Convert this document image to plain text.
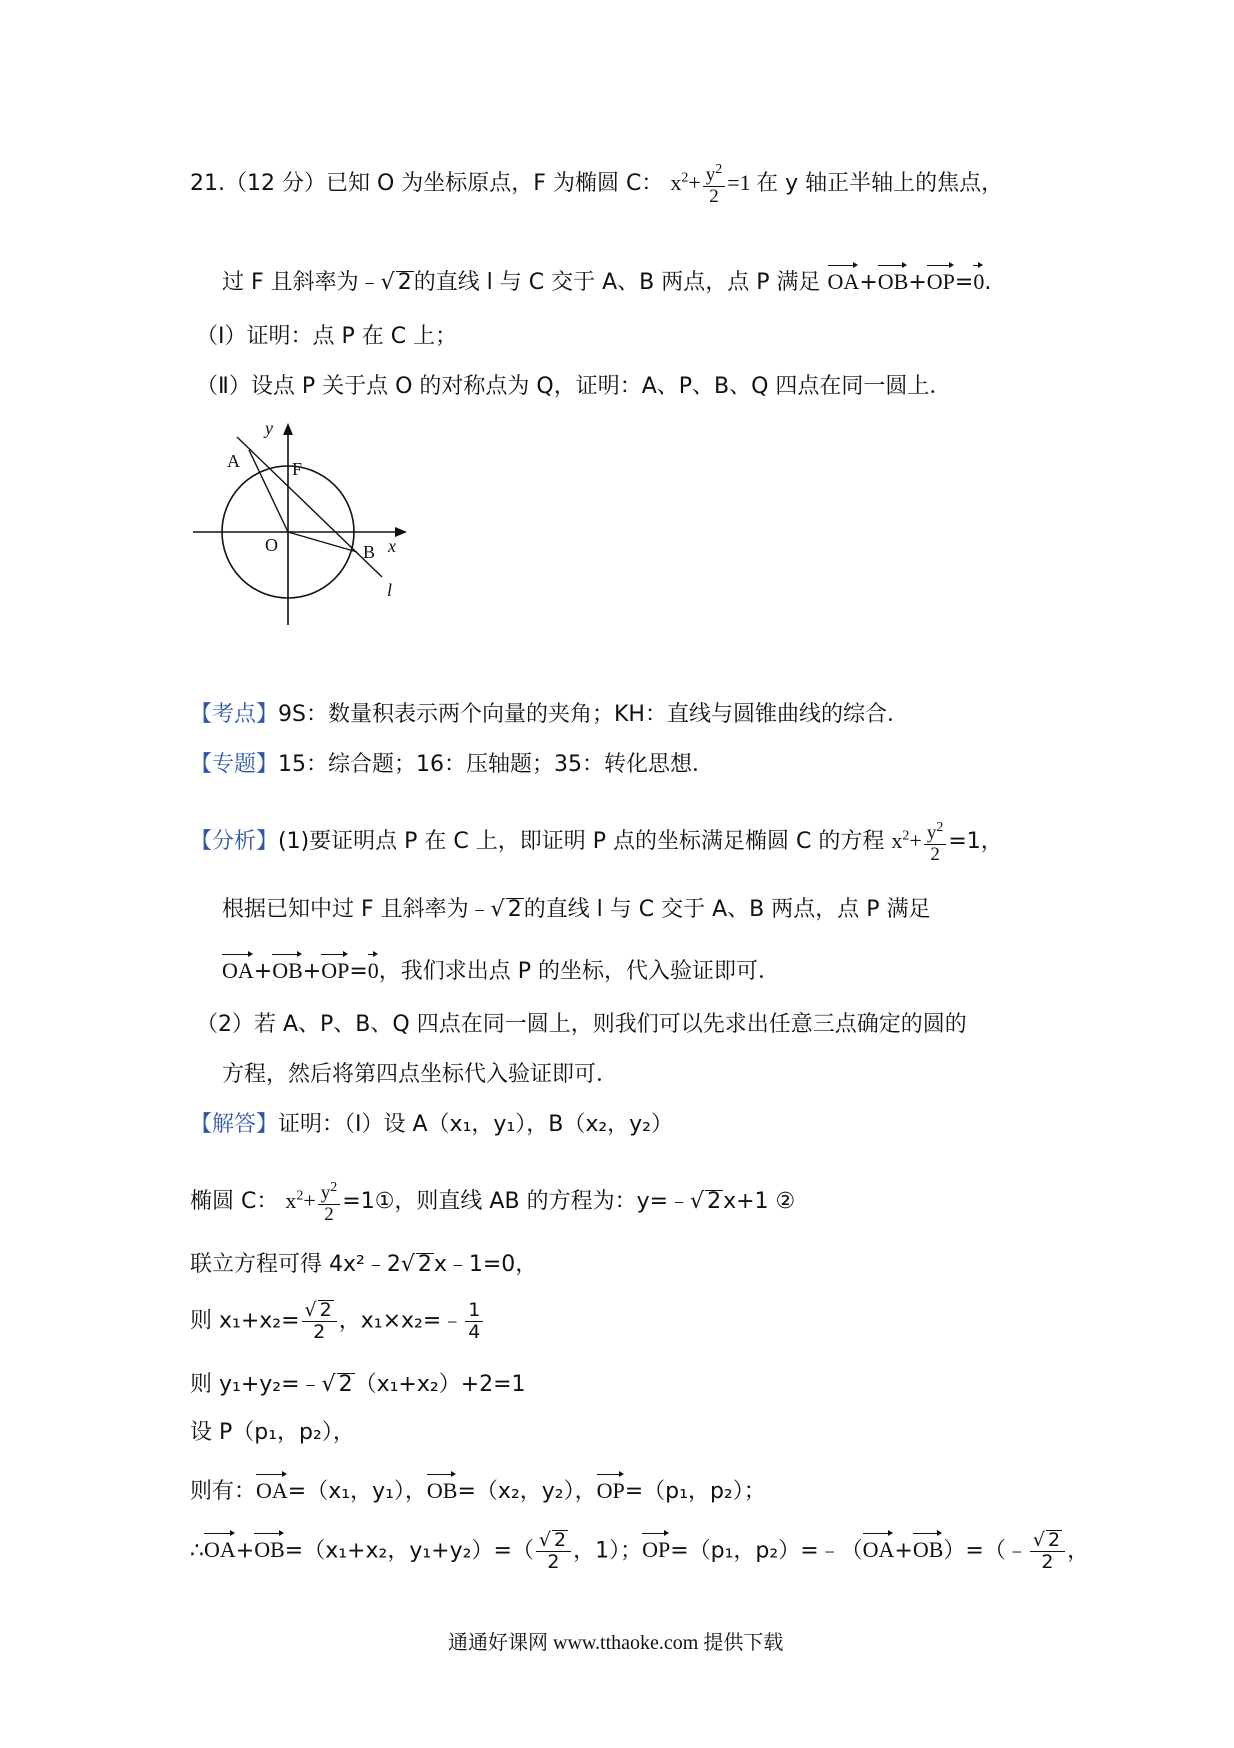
21.（12 分）已知 O 为坐标原点，F 为椭圆 C： $x^2+ \frac{y^2}{2} =1$ 在 y 轴正半轴上的焦点，
过 F 且斜率为﹣√ 2的直线 l 与 C 交于 A、B 两点，点 P 满足 OA+OB+OP=0.
（Ⅰ）证明：点 P 在 C 上；
（Ⅱ）设点 P 关于点 O 的对称点为 Q，证明：A、P、B、Q 四点在同一圆上．
y
x
O
A
B
F
l
【考点】9S：数量积表示两个向量的夹角；KH：直线与圆锥曲线的综合．
【专题】15：综合题；16：压轴题；35：转化思想．
【分析】(1)要证明点 P 在 C 上，即证明 P 点的坐标满足椭圆 C 的方程 $x^2+ \frac{y^2}{2} =1$，
根据已知中过 F 且斜率为﹣√ 2的直线 l 与 C 交于 A、B 两点，点 P 满足
OA+OB+OP=0，我们求出点 P 的坐标，代入验证即可．
（2）若 A、P、B、Q 四点在同一圆上，则我们可以先求出任意三点确定的圆的
方程，然后将第四点坐标代入验证即可．
【解答】证明：（Ⅰ）设 A（x₁，y₁），B（x₂，y₂）
椭圆 C： $x^2+ \frac{y^2}{2}$ =1①，则直线 AB 的方程为：y=﹣√ 2x+1 ②
联立方程可得 4x²﹣2√ 2x﹣1=0，
则 $x_1+x_2= \frac{√ 2}{2}$ ，x₁×x₂=﹣ $\frac{1}{4}$
则 y₁+y₂=﹣√ 2（x₁+x₂）+2=1
设 P（p₁，p₂），
则有：OA=（x₁，y₁），OB=（x₂，y₂），OP=（p₁，p₂）；
∴OA+OB=（x₁+x₂，$y_1+y_2)=( \frac{√ 2}{2}$ ，1）；OP=（p₁，p₂）=﹣（OA+OB）=（﹣ $\frac{√ 2}{2}$ ，
通通好课网 www.tthaoke.com 提供下载
